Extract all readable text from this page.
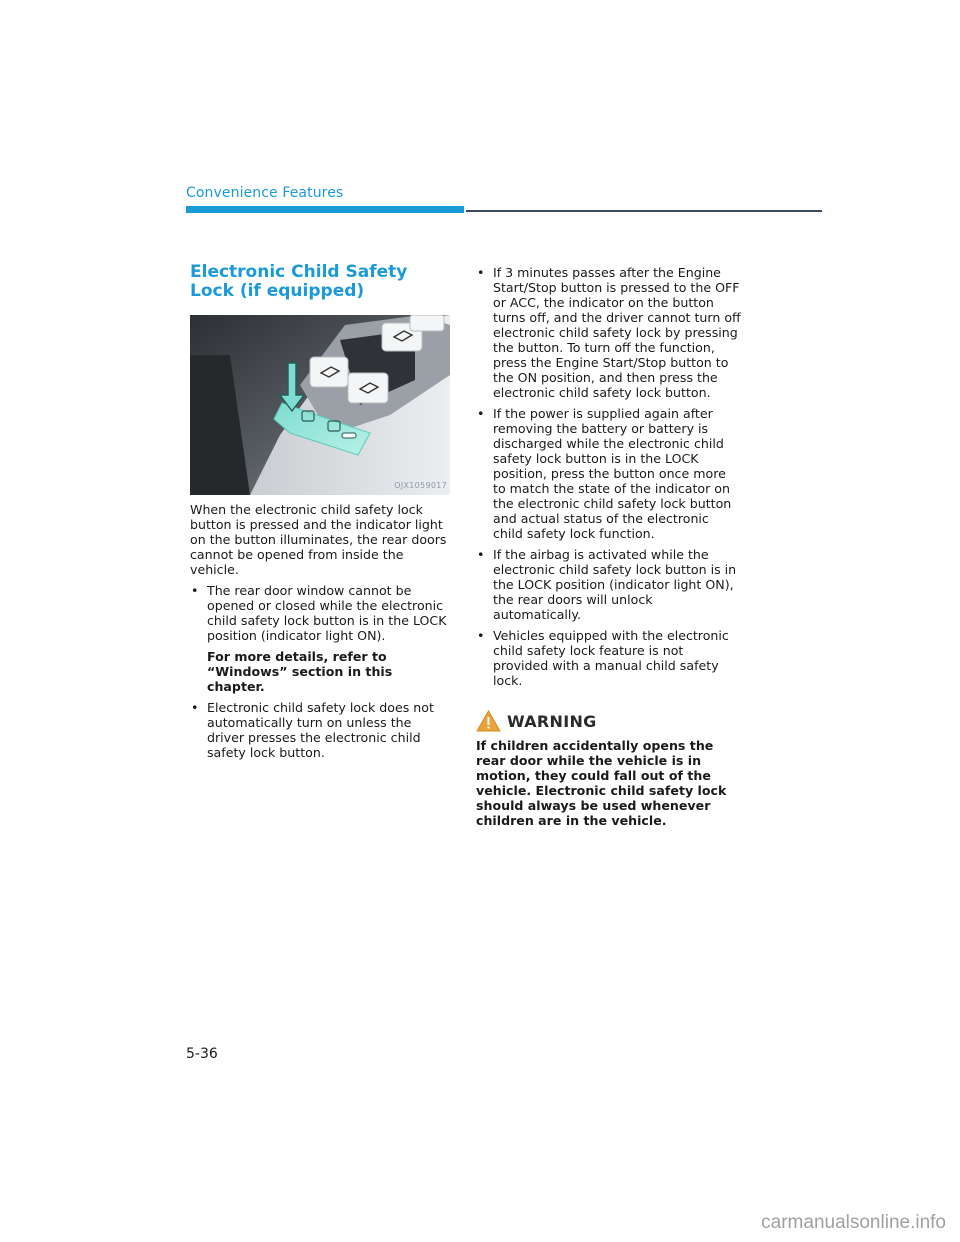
Convenience Features
Electronic Child Safety Lock (if equipped)
OJX1059017

When the electronic child safety lock button is pressed and the indicator light on the button illuminates, the rear doors cannot be opened from inside the vehicle.

• The rear door window cannot be opened or closed while the electronic child safety lock button is in the LOCK position (indicator light ON).

For more details, refer to “Windows” section in this chapter.

• Electronic child safety lock does not automatically turn on unless the driver presses the electronic child safety lock button.
• If 3 minutes passes after the Engine Start/Stop button is pressed to the OFF or ACC, the indicator on the button turns off, and the driver cannot turn off electronic child safety lock by pressing the button. To turn off the function, press the Engine Start/Stop button to the ON position, and then press the electronic child safety lock button.
• If the power is supplied again after removing the battery or battery is discharged while the electronic child safety lock button is in the LOCK position, press the button once more to match the state of the indicator on the electronic child safety lock button and actual status of the electronic child safety lock function.
• If the airbag is activated while the electronic child safety lock button is in the LOCK position (indicator light ON), the rear doors will unlock automatically.
• Vehicles equipped with the electronic child safety lock feature is not provided with a manual child safety lock.
WARNING

If children accidentally opens the rear door while the vehicle is in motion, they could fall out of the vehicle. Electronic child safety lock should always be used whenever children are in the vehicle.

5-36
carmanualsonline.info
